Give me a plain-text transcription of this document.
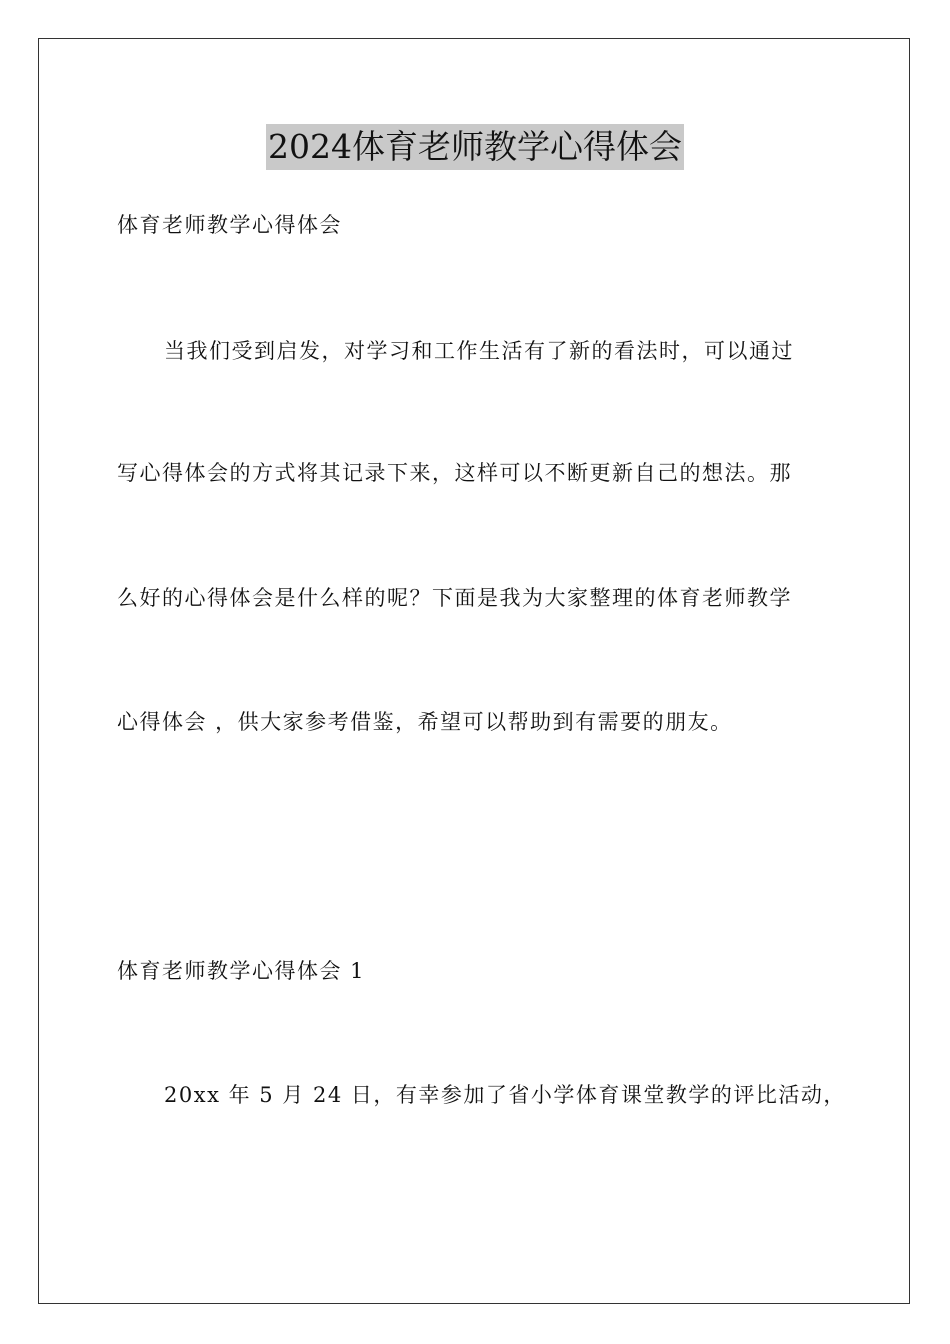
2024体育老师教学心得体会
体育老师教学心得体会
当我们受到启发，对学习和工作生活有了新的看法时，可以通过
写心得体会的方式将其记录下来，这样可以不断更新自己的想法。那
么好的心得体会是什么样的呢？下面是我为大家整理的体育老师教学
心得体会 ，供大家参考借鉴，希望可以帮助到有需要的朋友。
体育老师教学心得体会 1
20xx 年 5 月 24 日，有幸参加了省小学体育课堂教学的评比活动，
